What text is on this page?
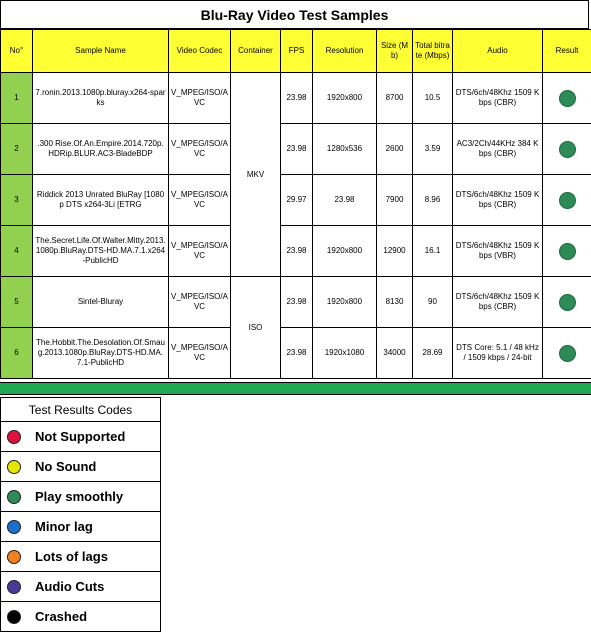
Blu-Ray Video Test Samples
No°	Sample Name	Video Codec	Container	FPS	Resolution	Size (Mb)	Total bitrate (Mbps)	Audio	Result
1	7.ronin.2013.1080p.bluray.x264-sparks	V_MPEG/ISO/AVC	MKV	23.98	1920x800	8700	10.5	DTS/6ch/48Khz 1509 Kbps (CBR)	
2	.300 Rise.Of.An.Empire.2014.720p.HDRip.BLUR.AC3-BladeBDP	V_MPEG/ISO/AVC		23.98	1280x536	2600	3.59	AC3/2Ch/44KHz 384 Kbps (CBR)	
3	Riddick 2013 Unrated BluRay [1080p DTS x264-3Li [ETRG	V_MPEG/ISO/AVC		29.97	23.98	7900	8.96	DTS/6ch/48Khz 1509 Kbps (CBR)	
4	The.Secret.Life.Of.Walter.Mitty.2013.1080p.BluRay.DTS-HD.MA.7.1.x264-PublicHD	V_MPEG/ISO/AVC		23.98	1920x800	12900	16.1	DTS/6ch/48Khz 1509 Kbps (VBR)	
5	Sintel-Bluray	V_MPEG/ISO/AVC	ISO	23.98	1920x800	8130	90	DTS/6ch/48Khz 1509 Kbps (CBR)	
6	The.Hobbit.The.Desolation.Of.Smaug.2013.1080p.BluRay.DTS-HD.MA.7.1-PublicHD	V_MPEG/ISO/AVC		23.98	1920x1080	34000	28.69	DTS Core: 5.1 / 48 kHz / 1509 kbps / 24-bit	
Test Results Codes

Not Supported

No Sound

Play smoothly

Minor lag

Lots of lags

Audio Cuts

Crashed
